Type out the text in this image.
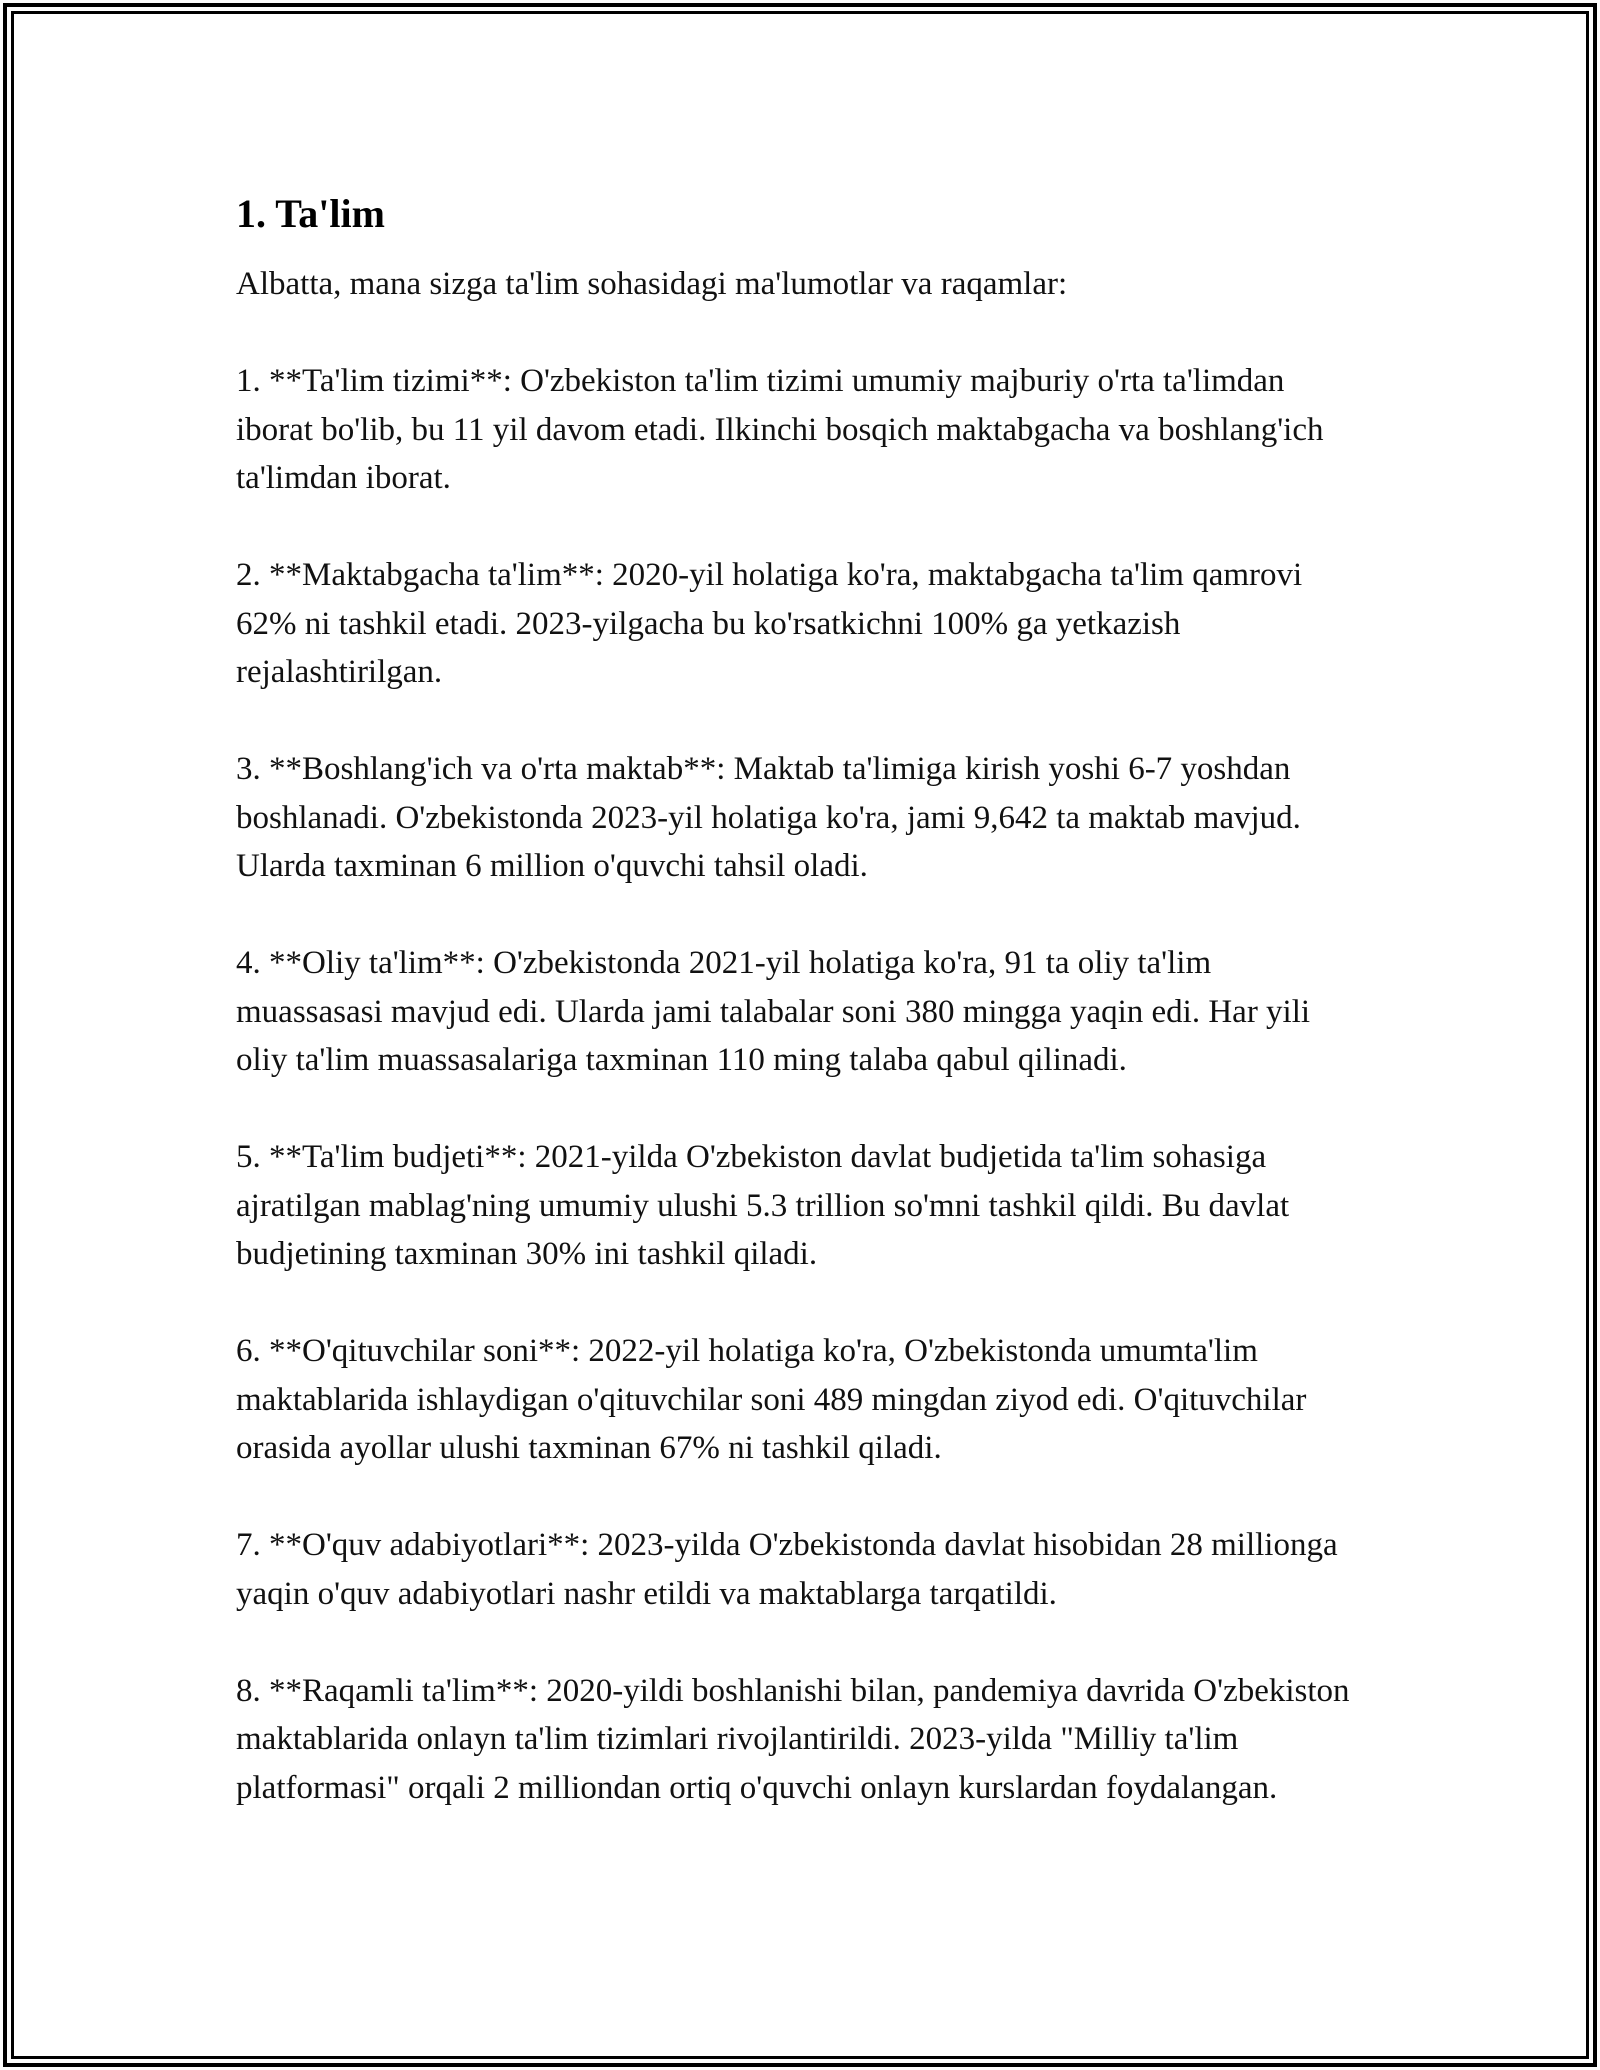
1. Ta'lim

Albatta, mana sizga ta'lim sohasidagi ma'lumotlar va raqamlar:

1. **Ta'lim tizimi**: O'zbekiston ta'lim tizimi umumiy majburiy o'rta ta'limdan iborat bo'lib, bu 11 yil davom etadi. Ilkinchi bosqich maktabgacha va boshlang'ich ta'limdan iborat.

2. **Maktabgacha ta'lim**: 2020-yil holatiga ko'ra, maktabgacha ta'lim qamrovi 62% ni tashkil etadi. 2023-yilgacha bu ko'rsatkichni 100% ga yetkazish rejalashtirilgan.

3. **Boshlang'ich va o'rta maktab**: Maktab ta'limiga kirish yoshi 6-7 yoshdan boshlanadi. O'zbekistonda 2023-yil holatiga ko'ra, jami 9,642 ta maktab mavjud. Ularda taxminan 6 million o'quvchi tahsil oladi.

4. **Oliy ta'lim**: O'zbekistonda 2021-yil holatiga ko'ra, 91 ta oliy ta'lim muassasasi mavjud edi. Ularda jami talabalar soni 380 mingga yaqin edi. Har yili oliy ta'lim muassasalariga taxminan 110 ming talaba qabul qilinadi.

5. **Ta'lim budjeti**: 2021-yilda O'zbekiston davlat budjetida ta'lim sohasiga ajratilgan mablag'ning umumiy ulushi 5.3 trillion so'mni tashkil qildi. Bu davlat budjetining taxminan 30% ini tashkil qiladi.

6. **O'qituvchilar soni**: 2022-yil holatiga ko'ra, O'zbekistonda umumta'lim maktablarida ishlaydigan o'qituvchilar soni 489 mingdan ziyod edi. O'qituvchilar orasida ayollar ulushi taxminan 67% ni tashkil qiladi.

7. **O'quv adabiyotlari**: 2023-yilda O'zbekistonda davlat hisobidan 28 millionga yaqin o'quv adabiyotlari nashr etildi va maktablarga tarqatildi.

8. **Raqamli ta'lim**: 2020-yildi boshlanishi bilan, pandemiya davrida O'zbekiston maktablarida onlayn ta'lim tizimlari rivojlantirildi. 2023-yilda "Milliy ta'lim platformasi" orqali 2 milliondan ortiq o'quvchi onlayn kurslardan foydalangan.
